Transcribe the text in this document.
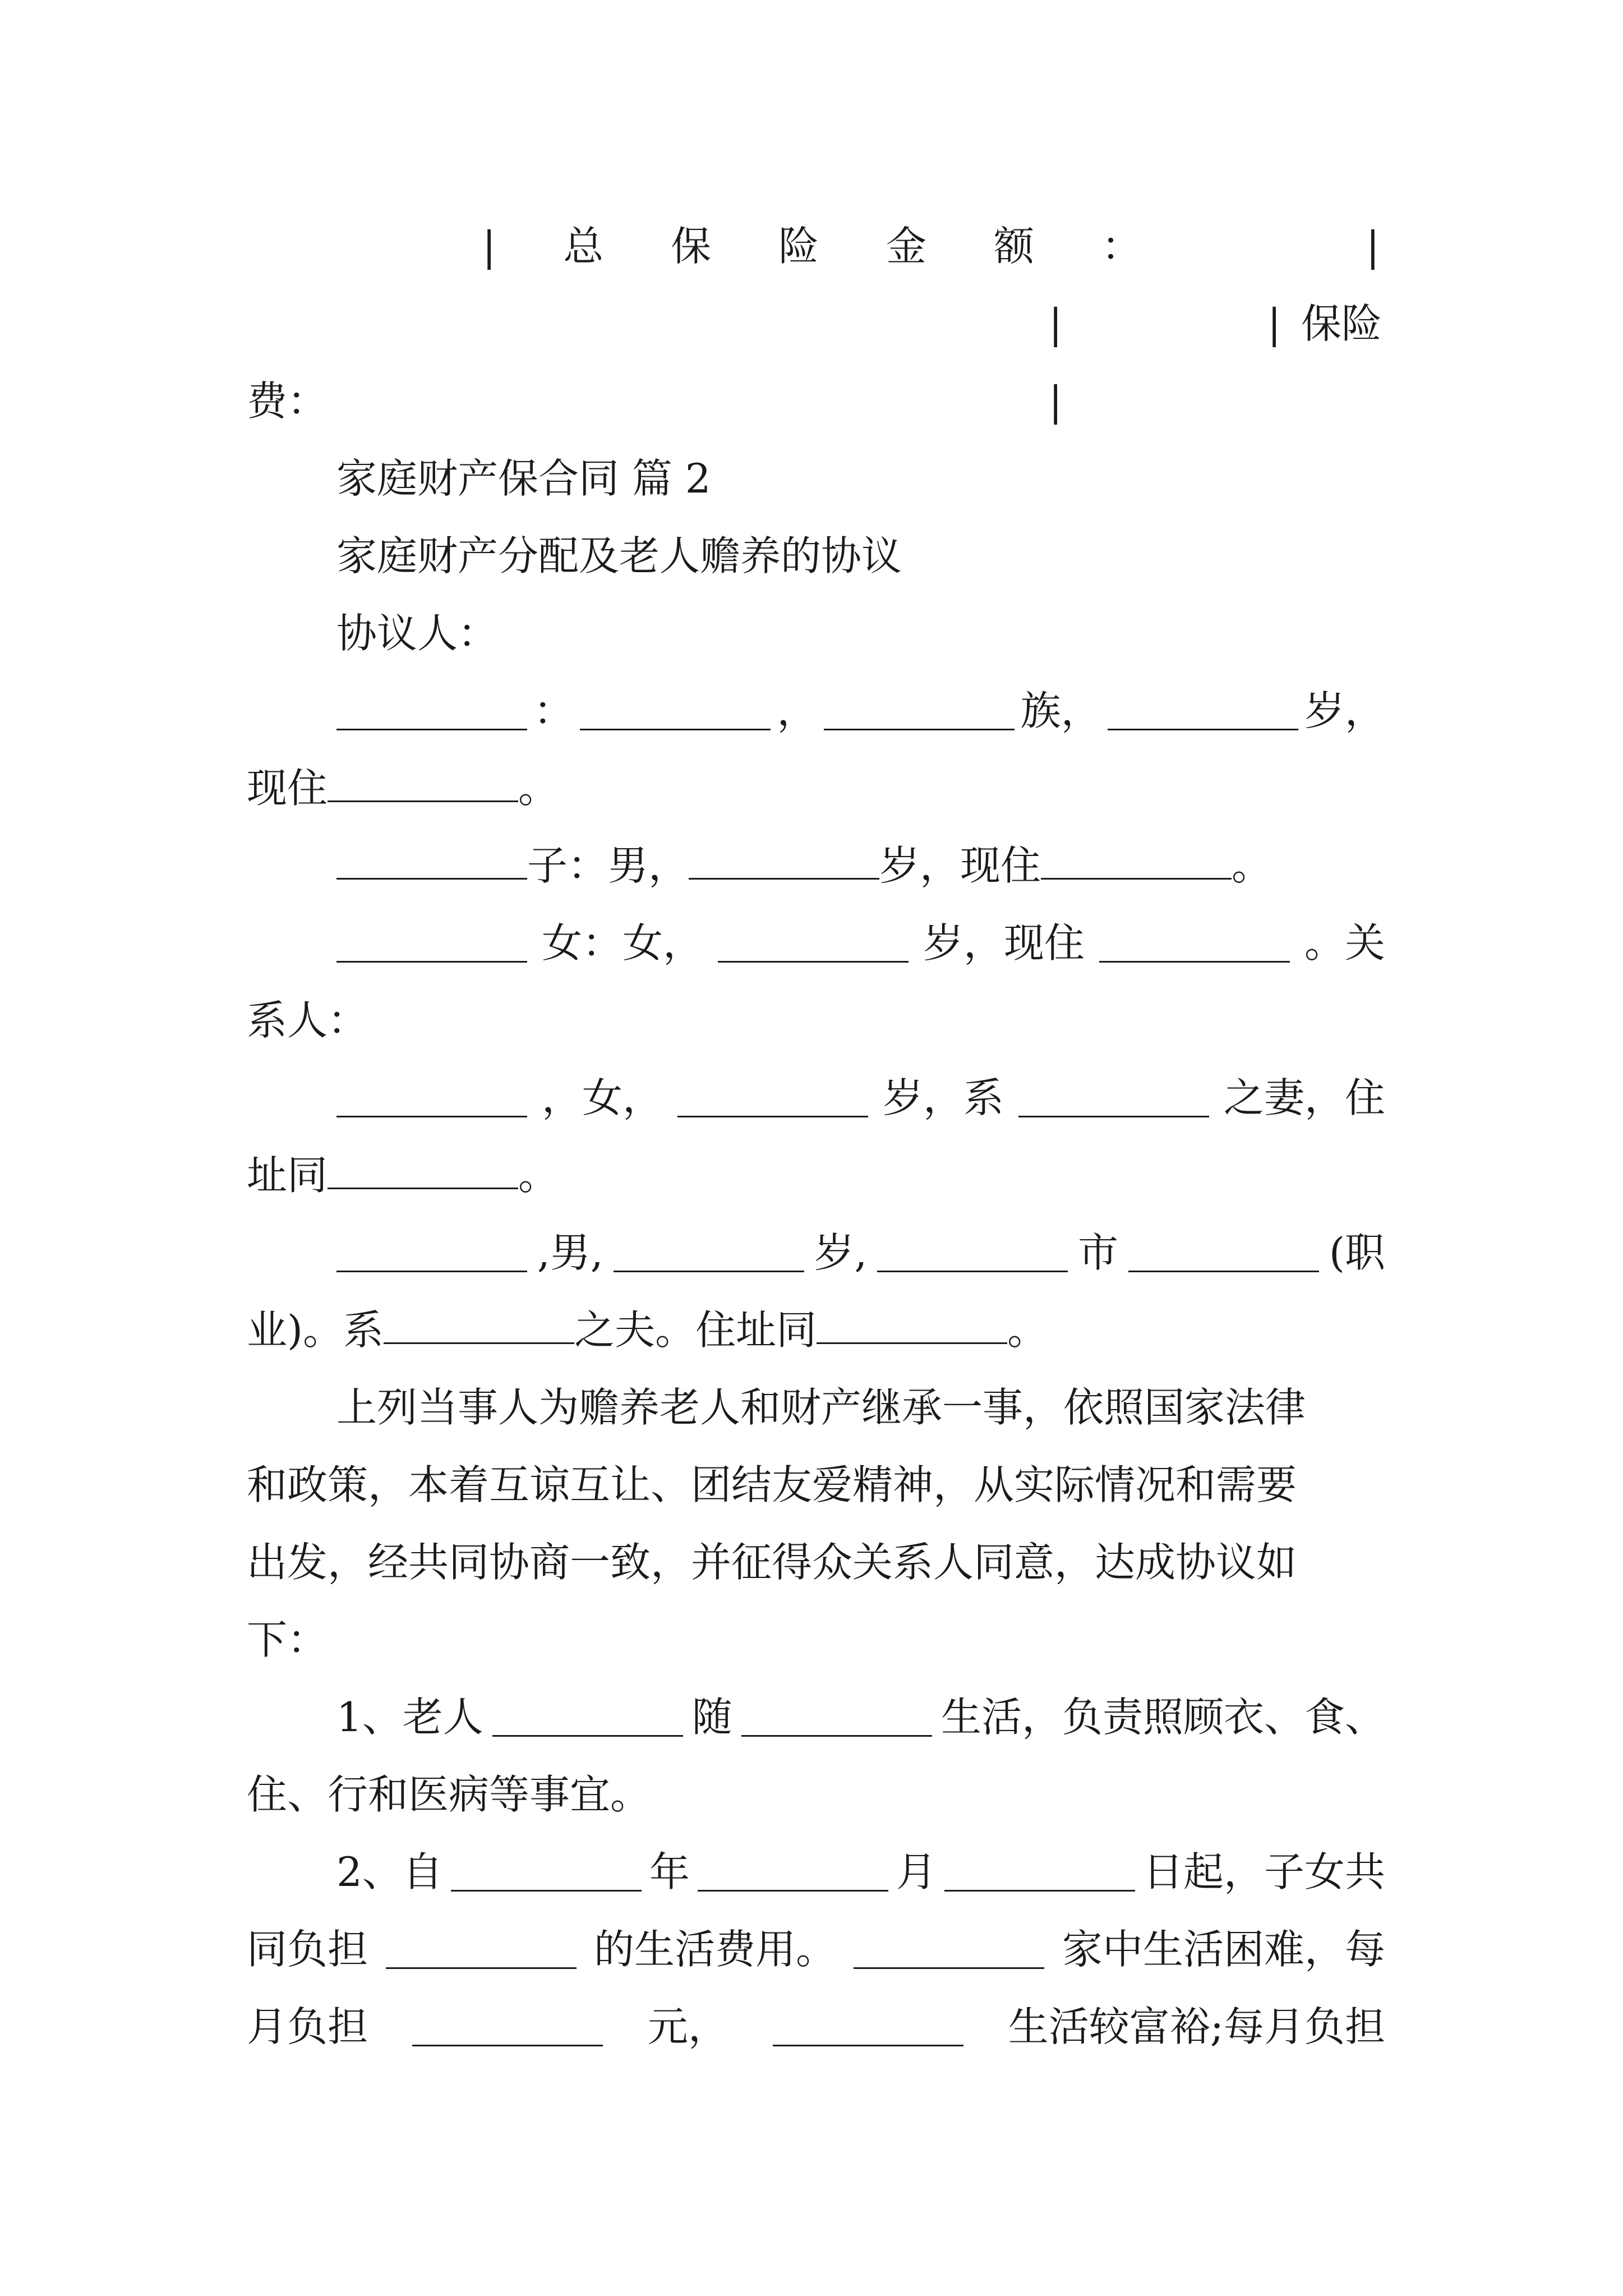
| 总 保 险 金 额 ：	|
|	| 保险
费：	|
家庭财产保合同 篇 2
家庭财产分配及老人赡养的协议
协议人：
：	，	族，	岁，
现住	。
子：男，	岁，现住	。
女：女，	岁，现住	。关
系人：
，女，	岁，系	之妻，住
址同	。
,男,	岁,	市	(职
业)。系	之夫。住址同	。
上列当事人为赡养老人和财产继承一事，依照国家法律
和政策，本着互谅互让、团结友爱精神，从实际情况和需要
出发，经共同协商一致，并征得众关系人同意，达成协议如
下：
1、老人	随	生活，负责照顾衣、食、
住、行和医病等事宜。
2、自	年	月	日起，子女共
同负担	的生活费用。	家中生活困难，每
月负担	元，	生活较富裕;每月负担
